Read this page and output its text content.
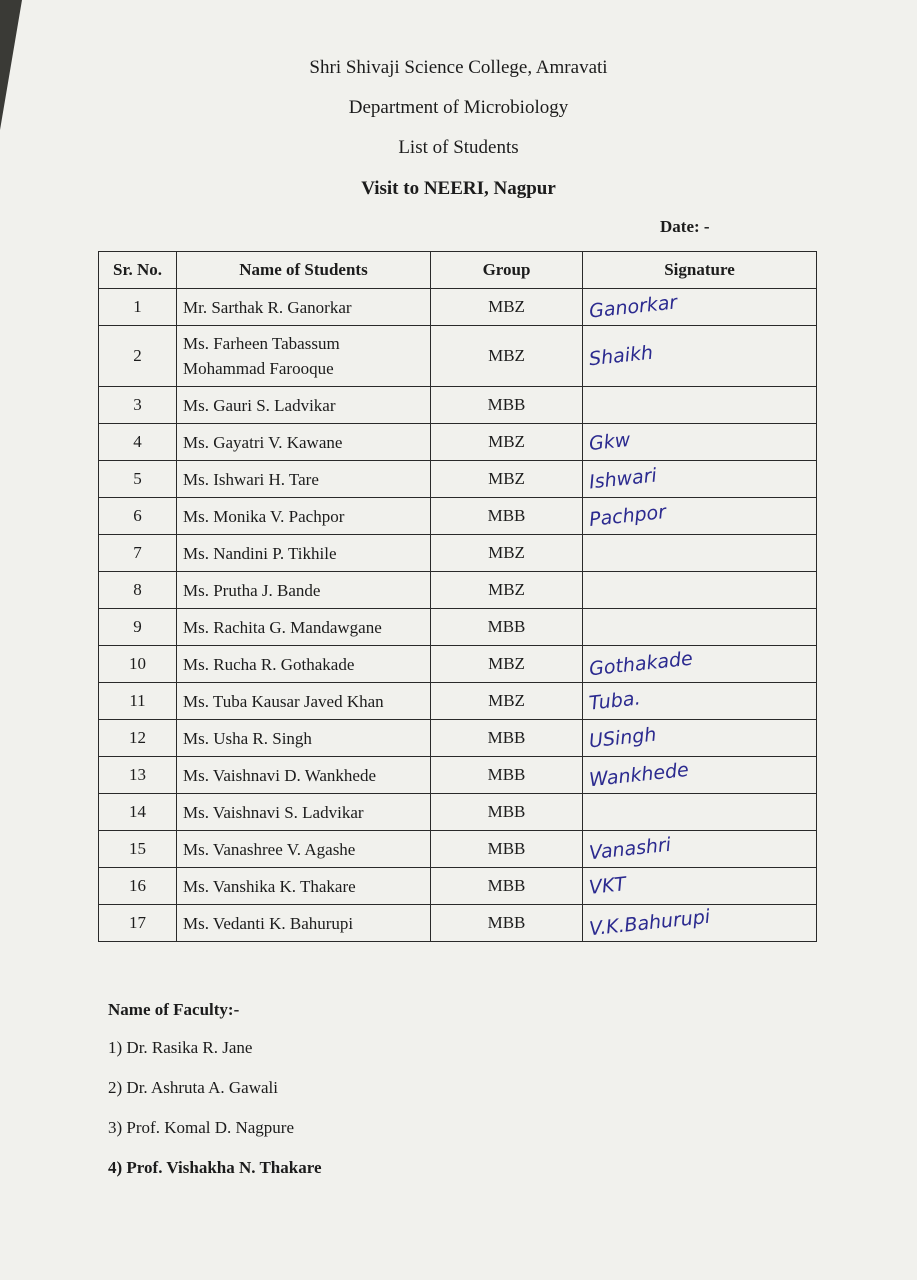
Shri Shivaji Science College, Amravati
Department of Microbiology
List of Students
Visit to NEERI, Nagpur
Date: -
Sr. No.	Name of Students	Group	Signature
1	Mr. Sarthak R. Ganorkar	MBZ	Ganorkar
2	Ms. Farheen Tabassum Mohammad Farooque	MBZ	Shaikh
3	Ms. Gauri S. Ladvikar	MBB	
4	Ms. Gayatri V. Kawane	MBZ	Gkw
5	Ms. Ishwari H. Tare	MBZ	Ishwari
6	Ms. Monika V. Pachpor	MBB	Pachpor
7	Ms. Nandini P. Tikhile	MBZ	
8	Ms. Prutha J. Bande	MBZ	
9	Ms. Rachita G. Mandawgane	MBB	
10	Ms. Rucha R. Gothakade	MBZ	Gothakade
11	Ms. Tuba Kausar Javed Khan	MBZ	Tuba.
12	Ms. Usha R. Singh	MBB	USingh
13	Ms. Vaishnavi D. Wankhede	MBB	Wankhede
14	Ms. Vaishnavi S. Ladvikar	MBB	
15	Ms. Vanashree V. Agashe	MBB	Vanashri
16	Ms. Vanshika K. Thakare	MBB	VKT
17	Ms. Vedanti K. Bahurupi	MBB	V.K.Bahurupi
Name of Faculty:-
1) Dr. Rasika R. Jane
2) Dr. Ashruta A. Gawali
3) Prof. Komal D. Nagpure
4) Prof. Vishakha N. Thakare
